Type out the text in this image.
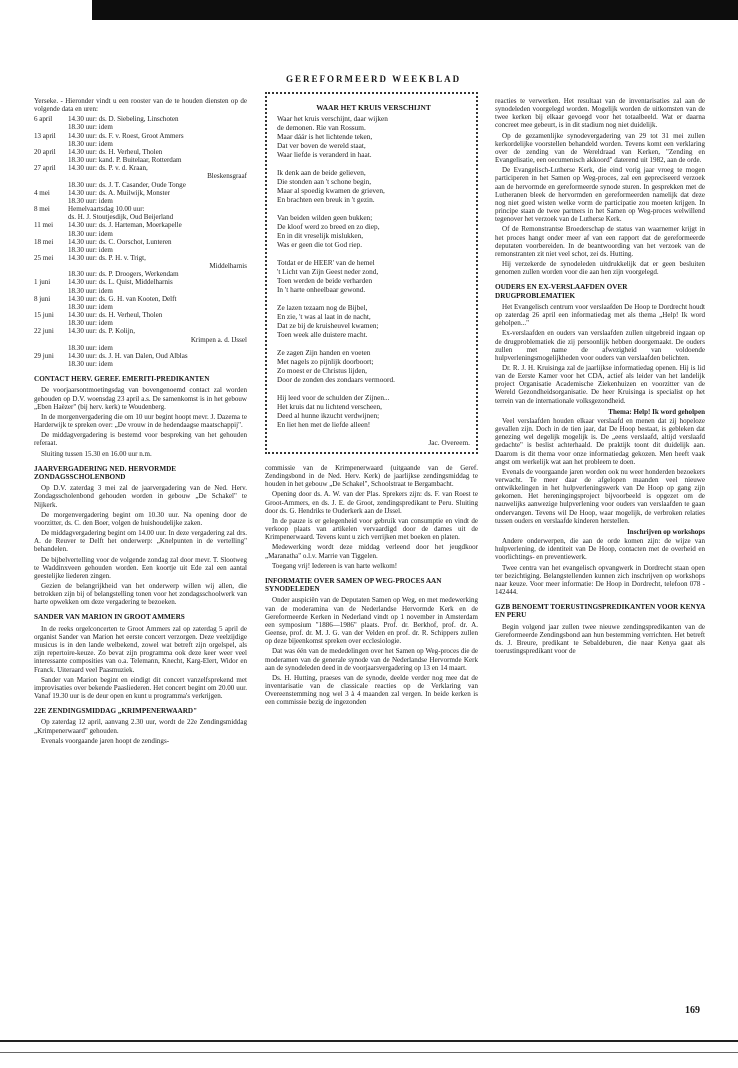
GEREFORMEERD WEEKBLAD

Yerseke. - Hieronder vindt u een rooster van de te houden diensten op de volgende data en uren:

6 april	14.30 uur: ds. D. Siebeling, Linschoten
18.30 uur: idem
13 april	14.30 uur: ds. F. v. Roest, Groot Ammers
18.30 uur: idem
20 april	14.30 uur: ds. H. Verheul, Tholen
18.30 uur: kand. P. Buitelaar, Rotterdam
27 april	14.30 uur: ds. P. v. d. Kraan,
Bleskensgraaf
18.30 uur: ds. J. T. Casander, Oude Tonge
4 mei	14.30 uur: ds. A. Muilwijk, Monster
18.30 uur: idem
8 mei	Hemelvaartsdag 10.00 uur:
ds. H. J. Stoutjesdijk, Oud Beijerland
11 mei	14.30 uur: ds. J. Harteman, Moerkapelle
18.30 uur: idem
18 mei	14.30 uur: ds. C. Oorschot, Lunteren
18.30 uur: idem
25 mei	14.30 uur: ds. P. H. v. Trigt,
Middelharnis
18.30 uur: ds. P. Droogers, Werkendam
1 juni	14.30 uur: ds. L. Quist, Middelharnis
18.30 uur: idem
8 juni	14.30 uur: ds. G. H. van Kooten, Delft
18.30 uur: idem
15 juni	14.30 uur: ds. H. Verheul, Tholen
18.30 uur: idem
22 juni	14.30 uur: ds. P. Kolijn,
Krimpen a. d. IJssel
18.30 uur: idem
29 juni	14.30 uur: ds. J. H. van Dalen, Oud Alblas
18.30 uur: idem
CONTACT HERV. GEREF. EMERITI-PREDIKANTEN

De voorjaarsontmoetingsdag van bovengenoemd contact zal worden gehouden op D.V. woensdag 23 april a.s. De samenkomst is in het gebouw „Eben Haëzer" (bij herv. kerk) te Woudenberg.

In de morgenvergadering die om 10 uur begint hoopt mevr. J. Dazema te Harderwijk te spreken over: „De vrouw in de hedendaagse maatschappij".

De middagvergadering is bestemd voor bespreking van het gehouden referaat.

Sluiting tussen 15.30 en 16.00 uur n.m.

JAARVERGADERING NED. HERVORMDE ZONDAGSSCHOLENBOND

Op D.V. zaterdag 3 mei zal de jaarvergadering van de Ned. Herv. Zondagsscholenbond gehouden worden in gebouw „De Schakel" te Nijkerk.

De morgenvergadering begint om 10.30 uur. Na opening door de voorzitter, ds. C. den Boer, volgen de huishoudelijke zaken.

De middagvergadering begint om 14.00 uur. In deze vergadering zal drs. A. de Reuver te Delft het onderwerp: „Knelpunten in de vertelling" behandelen.

De bijbelvertelling voor de volgende zondag zal door mevr. T. Slootweg te Waddinxveen gehouden worden. Een koortje uit Ede zal een aantal geestelijke liederen zingen.

Gezien de belangrijkheid van het onderwerp willen wij allen, die betrokken zijn bij of belangstelling tonen voor het zondagsschoolwerk van harte opwekken om deze vergadering te bezoeken.

SANDER VAN MARION IN GROOT AMMERS

In de reeks orgelconcerten te Groot Ammers zal op zaterdag 5 april de organist Sander van Marion het eerste concert verzorgen. Deze veelzijdige musicus is in den lande welbekend, zowel wat betreft zijn orgelspel, als zijn repertoire-keuze. Zo bevat zijn programma ook deze keer weer veel interessante composities van o.a. Telemann, Knecht, Karg-Elert, Widor en Franck. Uiteraard veel Paasmuziek.

Sander van Marion begint en eindigt dit concert vanzelfsprekend met improvisaties over bekende Paasliederen. Het concert begint om 20.00 uur. Vanaf 19.30 uur is de deur open en kunt u programma's verkrijgen.

22E ZENDINGSMIDDAG „KRIMPENERWAARD"

Op zaterdag 12 april, aanvang 2.30 uur, wordt de 22e Zendingsmiddag „Krimpenerwaard" gehouden.

Evenals voorgaande jaren hoopt de zendings-

WAAR HET KRUIS VERSCHIJNT
Waar het kruis verschijnt, daar wijken
de demonen. Rie van Rossum.
Maar dáár is het lichtende teken,
Dat ver boven de wereld staat,
Waar liefde is veranderd in haat.
Ik denk aan de beide gelieven,
Die stonden aan 't schone begin,
Maar al spoedig kwamen de grieven,
En brachten een breuk in 't gezin.
Van beiden wilden geen bukken;
De kloof werd zo breed en zo diep,
En in dit vreselijk mislukken,
Was er geen die tot God riep.
Totdat er de HEER' van de hemel
't Licht van Zijn Geest neder zond,
Toen werden de beide verharden
In 't harte onheelbaar gewond.
Ze lazen tezaam nog de Bijbel,
En zie, 't was al laat in de nacht,
Dat ze bij de kruisheuvel kwamen;
Toen week alle duistere macht.
Ze zagen Zijn handen en voeten
Met nagels zo pijnlijk doorboort;
Zo moest er de Christus lijden,
Door de zonden des zondaars vermoord.
Hij leed voor de schulden der Zijnen...
Het kruis dat nu lichtend verscheen,
Deed al hunne ikzucht verdwijnen;
En liet hen met de liefde alleen!
Jac. Overeem.

commissie van de Krimpenerwaard (uitgaande van de Geref. Zendingsbond in de Ned. Herv. Kerk) de jaarlijkse zendingsmiddag te houden in het gebouw „De Schakel", Schoolstraat te Bergambacht.

Opening door ds. A. W. van der Plas. Sprekers zijn: ds. F. van Roest te Groot-Ammers, en ds. J. E. de Groot, zendingspredikant te Peru. Sluiting door ds. G. Hendriks te Ouderkerk aan de IJssel.

In de pauze is er gelegenheid voor gebruik van consumptie en vindt de verkoop plaats van artikelen vervaardigd door de dames uit de Krimpenerwaard. Tevens kunt u zich verrijken met boeken en platen.

Medewerking wordt deze middag verleend door het jeugdkoor „Maranatha" o.l.v. Marrie van Tiggelen.

Toegang vrij! Iedereen is van harte welkom!

INFORMATIE OVER SAMEN OP WEG-PROCES AAN SYNODELEDEN

Onder auspiciën van de Deputaten Samen op Weg, en met medewerking van de moderamina van de Nederlandse Hervormde Kerk en de Gereformeerde Kerken in Nederland vindt op 1 november in Amsterdam een symposium "1886—1986" plaats. Prof. dr. Berkhof, prof. dr. A. Geense, prof. dr. M. J. G. van der Velden en prof. dr. R. Schippers zullen op deze bijeenkomst spreken over ecclesiologie.

Dat was één van de mededelingen over het Samen op Weg-proces die de moderamen van de generale synode van de Nederlandse Hervormde Kerk aan de synodeleden deed in de voorjaarsvergadering op 13 en 14 maart.

Ds. H. Hutting, praeses van de synode, deelde verder nog mee dat de inventarisatie van de classicale reacties op de Verklaring van Overeenstemming nog wel 3 à 4 maanden zal vergen. In beide kerken is een commissie bezig de ingezonden

reacties te verwerken. Het resultaat van de inventarisaties zal aan de synodeleden voorgelegd worden. Mogelijk worden de uitkomsten van de twee kerken bij elkaar gevoegd voor het totaalbeeld. Wat er daarna concreet mee gebeurt, is in dit stadium nog niet duidelijk.

Op de gezamenlijke synodevergadering van 29 tot 31 mei zullen kerkordelijke voorstellen behandeld worden. Tevens komt een verklaring over de zending van de Wereldraad van Kerken, "Zending en Evangelisatie, een oecumenisch akkoord" daterend uit 1982, aan de orde.

De Evangelisch-Lutherse Kerk, die eind vorig jaar vroeg te mogen participeren in het Samen op Weg-proces, zal een gepreciseerd verzoek aan de hervormde en gereformeerde synode sturen. In gesprekken met de Lutheranen bleek de hervormden en gereformeerden namelijk dat deze nog niet goed wisten welke vorm de participatie zou moeten krijgen. In principe staan de twee partners in het Samen op Weg-proces welwillend tegenover het verzoek van de Lutherse Kerk.

Of de Remonstrantse Broederschap de status van waarnemer krijgt in het proces hangt onder meer af van een rapport dat de gereformeerde deputaten voorbereiden. In de beantwoording van het verzoek van de remonstranten zit niet veel schot, zei ds. Hutting.

Hij verzekerde de synodeleden uitdrukkelijk dat er geen besluiten genomen zullen worden voor die aan hen zijn voorgelegd.

OUDERS EN EX-VERSLAAFDEN OVER DRUGPROBLEMATIEK

Het Evangelisch centrum voor verslaafden De Hoop te Dordrecht houdt op zaterdag 26 april een informatiedag met als thema „Help! Ik word geholpen..."

Ex-verslaafden en ouders van verslaafden zullen uitgebreid ingaan op de drugproblematiek die zij persoonlijk hebben doorgemaakt. De ouders zullen met name de afwezigheid van voldoende hulpverleningsmogelijkheden voor ouders van verslaafden belichten.

Dr. R. J. H. Kruisinga zal de jaarlijkse informatiedag openen. Hij is lid van de Eerste Kamer voor het CDA, actief als leider van het landelijk project Organisatie Academische Ziekenhuizen en voorzitter van de Wereld Gezondheidsorganisatie. De heer Kruisinga is specialist op het terrein van de internationale volksgezondheid.

Thema: Help! Ik word geholpen

Veel verslaafden houden elkaar verslaafd en menen dat zij hopeloze gevallen zijn. Doch in de tien jaar, dat De Hoop bestaat, is gebleken dat genezing wel degelijk mogelijk is. De „eens verslaafd, altijd verslaafd gedachte" is beslist achterhaald. De praktijk toont dit duidelijk aan. Daarom is dit thema voor onze informatiedag gekozen. Men heeft vaak angst om werkelijk wat aan het probleem te doen.

Evenals de voorgaande jaren worden ook nu weer honderden bezoekers verwacht. Te meer daar de afgelopen maanden veel nieuwe ontwikkelingen in het hulpverleningswerk van De Hoop op gang zijn gekomen. Het hereningingsproject bijvoorbeeld is opgezet om de nauwelijks aanwezige hulpverlening voor ouders van verslaafden te gaan ondervangen. Tevens wil De Hoop, waar mogelijk, de verbroken relaties tussen ouders en verslaafde kinderen herstellen.

Inschrijven op workshops

Andere onderwerpen, die aan de orde komen zijn: de wijze van hulpverlening, de identiteit van De Hoop, contacten met de overheid en voorlichtings- en preventiewerk.

Twee centra van het evangelisch opvangwerk in Dordrecht staan open ter bezichtiging. Belangstellenden kunnen zich inschrijven op workshops naar keuze. Voor meer informatie: De Hoop in Dordrecht, telefoon 078 - 142444.

GZB BENOEMT TOERUSTINGSPREDIKANTEN VOOR KENYA EN PERU

Begin volgend jaar zullen twee nieuwe zendingspredikanten van de Gereformeerde Zendingsbond aan hun bestemming verrichten. Het betreft ds. J. Breure, predikant te Sebaldeburen, die naar Kenya gaat als toerustingspredikant voor de

169
